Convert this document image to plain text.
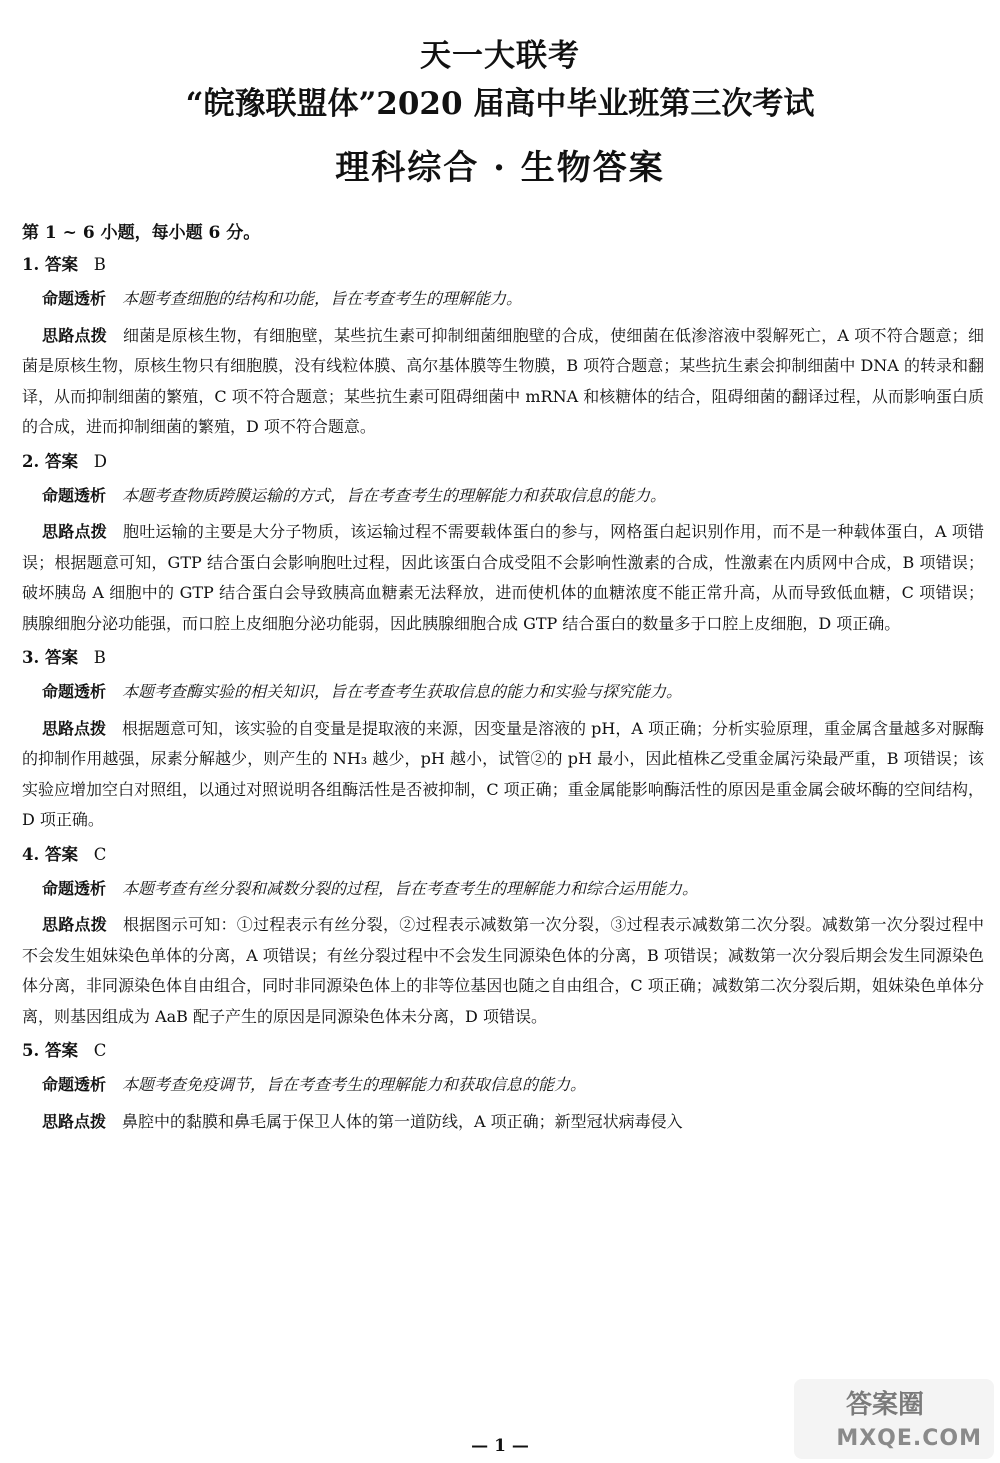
天一大联考
“皖豫联盟体”2020 届高中毕业班第三次考试
理科综合 · 生物答案
第 1 ~ 6 小题，每小题 6 分。
1. 答案 B
命题透析 本题考查细胞的结构和功能，旨在考查考生的理解能力。
思路点拨 细菌是原核生物，有细胞壁，某些抗生素可抑制细菌细胞壁的合成，使细菌在低渗溶液中裂解死亡，A 项不符合题意；细菌是原核生物，原核生物只有细胞膜，没有线粒体膜、高尔基体膜等生物膜，B 项符合题意；某些抗生素会抑制细菌中 DNA 的转录和翻译，从而抑制细菌的繁殖，C 项不符合题意；某些抗生素可阻碍细菌中 mRNA 和核糖体的结合，阻碍细菌的翻译过程，从而影响蛋白质的合成，进而抑制细菌的繁殖，D 项不符合题意。
2. 答案 D
命题透析 本题考查物质跨膜运输的方式，旨在考查考生的理解能力和获取信息的能力。
思路点拨 胞吐运输的主要是大分子物质，该运输过程不需要载体蛋白的参与，网格蛋白起识别作用，而不是一种载体蛋白，A 项错误；根据题意可知，GTP 结合蛋白会影响胞吐过程，因此该蛋白合成受阻不会影响性激素的合成，性激素在内质网中合成，B 项错误；破坏胰岛 A 细胞中的 GTP 结合蛋白会导致胰高血糖素无法释放，进而使机体的血糖浓度不能正常升高，从而导致低血糖，C 项错误；胰腺细胞分泌功能强，而口腔上皮细胞分泌功能弱，因此胰腺细胞合成 GTP 结合蛋白的数量多于口腔上皮细胞，D 项正确。
3. 答案 B
命题透析 本题考查酶实验的相关知识，旨在考查考生获取信息的能力和实验与探究能力。
思路点拨 根据题意可知，该实验的自变量是提取液的来源，因变量是溶液的 pH，A 项正确；分析实验原理，重金属含量越多对脲酶的抑制作用越强，尿素分解越少，则产生的 NH₃ 越少，pH 越小，试管②的 pH 最小，因此植株乙受重金属污染最严重，B 项错误；该实验应增加空白对照组，以通过对照说明各组酶活性是否被抑制，C 项正确；重金属能影响酶活性的原因是重金属会破坏酶的空间结构，D 项正确。
4. 答案 C
命题透析 本题考查有丝分裂和减数分裂的过程，旨在考查考生的理解能力和综合运用能力。
思路点拨 根据图示可知：①过程表示有丝分裂，②过程表示减数第一次分裂，③过程表示减数第二次分裂。减数第一次分裂过程中不会发生姐妹染色单体的分离，A 项错误；有丝分裂过程中不会发生同源染色体的分离，B 项错误；减数第一次分裂后期会发生同源染色体分离，非同源染色体自由组合，同时非同源染色体上的非等位基因也随之自由组合，C 项正确；减数第二次分裂后期，姐妹染色单体分离，则基因组成为 AaB 配子产生的原因是同源染色体未分离，D 项错误。
5. 答案 C
命题透析 本题考查免疫调节，旨在考查考生的理解能力和获取信息的能力。
思路点拨 鼻腔中的黏膜和鼻毛属于保卫人体的第一道防线，A 项正确；新型冠状病毒侵入
— 1 —
答案圈
MXQE.COM
